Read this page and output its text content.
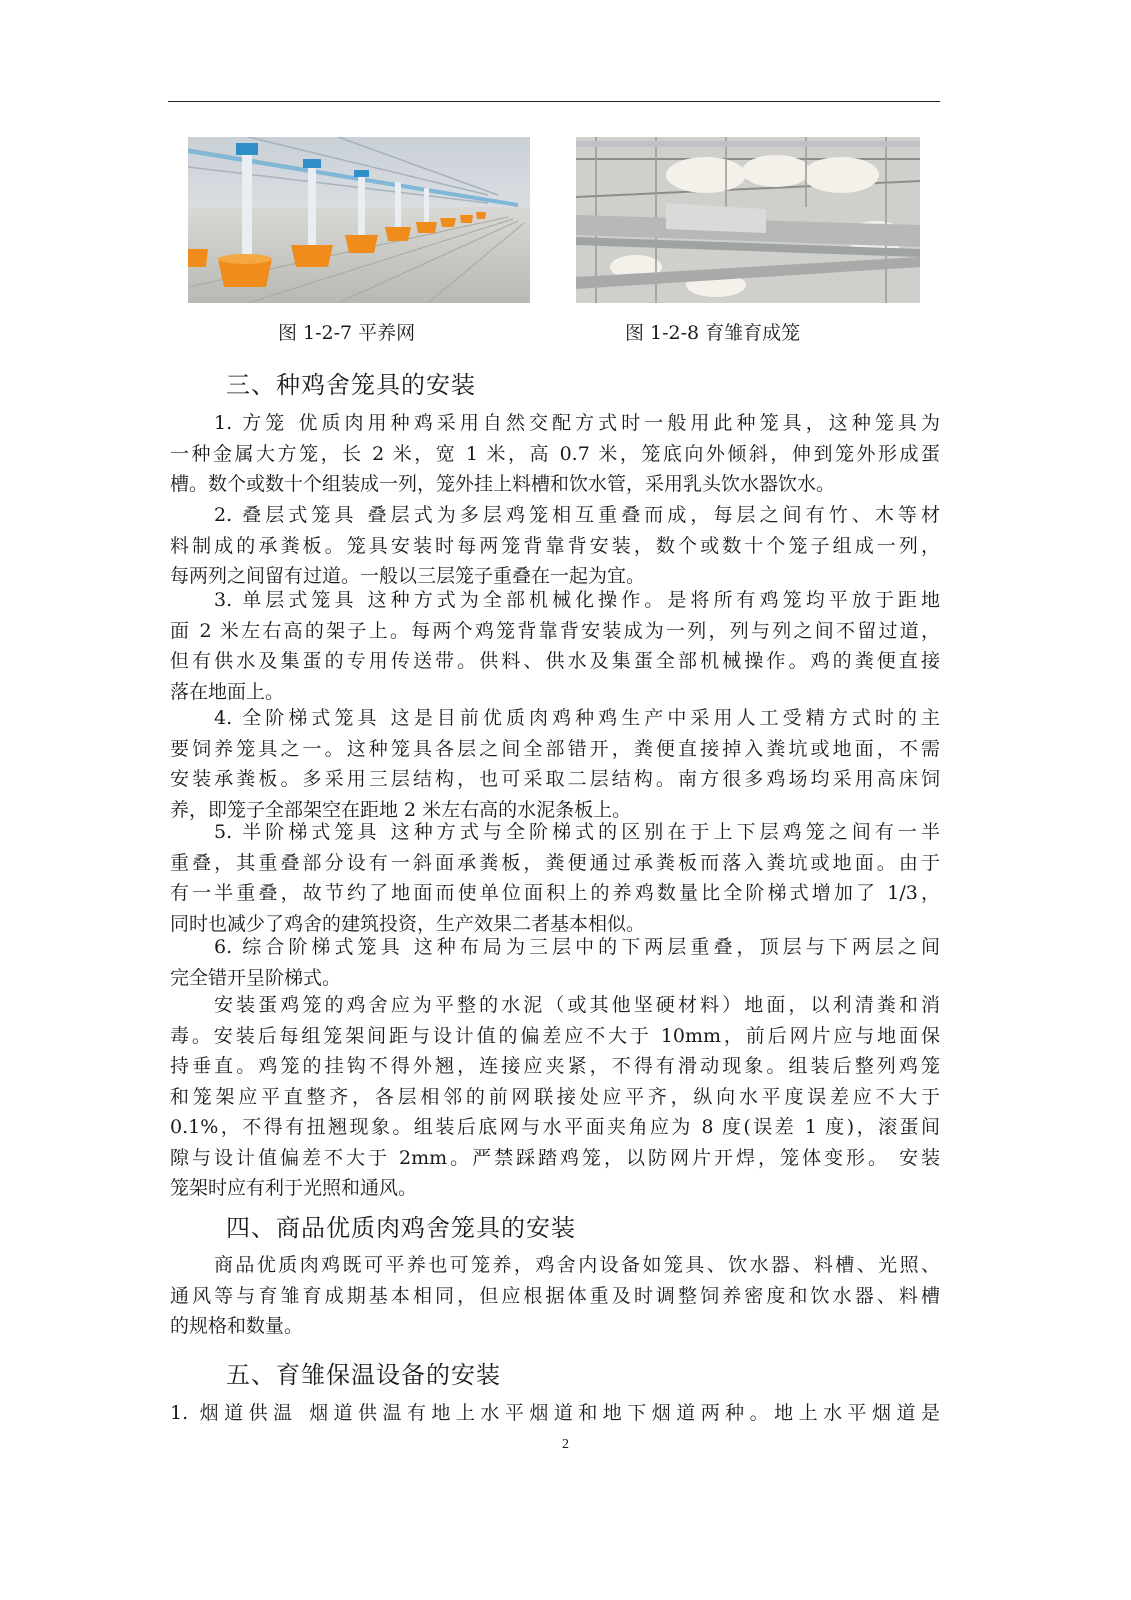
图 1-2-7 平养网	图 1-2-8 育雏育成笼
三、种鸡舍笼具的安装
1. 方笼 优质肉用种鸡采用自然交配方式时一般用此种笼具，这种笼具为
一种金属大方笼，长 2 米，宽 1 米，高 0.7 米，笼底向外倾斜，伸到笼外形成蛋
槽。数个或数十个组装成一列，笼外挂上料槽和饮水管，采用乳头饮水器饮水。
2. 叠层式笼具 叠层式为多层鸡笼相互重叠而成，每层之间有竹、木等材
料制成的承粪板。笼具安装时每两笼背靠背安装，数个或数十个笼子组成一列，
每两列之间留有过道。一般以三层笼子重叠在一起为宜。
3. 单层式笼具 这种方式为全部机械化操作。是将所有鸡笼均平放于距地
面 2 米左右高的架子上。每两个鸡笼背靠背安装成为一列，列与列之间不留过道，
但有供水及集蛋的专用传送带。供料、供水及集蛋全部机械操作。鸡的粪便直接
落在地面上。
4. 全阶梯式笼具 这是目前优质肉鸡种鸡生产中采用人工受精方式时的主
要饲养笼具之一。这种笼具各层之间全部错开，粪便直接掉入粪坑或地面，不需
安装承粪板。多采用三层结构，也可采取二层结构。南方很多鸡场均采用高床饲
养，即笼子全部架空在距地 2 米左右高的水泥条板上。
5. 半阶梯式笼具 这种方式与全阶梯式的区别在于上下层鸡笼之间有一半
重叠，其重叠部分设有一斜面承粪板，粪便通过承粪板而落入粪坑或地面。由于
有一半重叠，故节约了地面而使单位面积上的养鸡数量比全阶梯式增加了 1/3，
同时也减少了鸡舍的建筑投资，生产效果二者基本相似。
6. 综合阶梯式笼具 这种布局为三层中的下两层重叠，顶层与下两层之间
完全错开呈阶梯式。
安装蛋鸡笼的鸡舍应为平整的水泥（或其他坚硬材料）地面，以利清粪和消
毒。安装后每组笼架间距与设计值的偏差应不大于 10mm，前后网片应与地面保
持垂直。鸡笼的挂钩不得外翘，连接应夹紧，不得有滑动现象。组装后整列鸡笼
和笼架应平直整齐，各层相邻的前网联接处应平齐，纵向水平度误差应不大于
0.1%，不得有扭翘现象。组装后底网与水平面夹角应为 8 度(误差 1 度)，滚蛋间
隙与设计值偏差不大于 2mm。严禁踩踏鸡笼，以防网片开焊，笼体变形。 安装
笼架时应有利于光照和通风。
四、商品优质肉鸡舍笼具的安装
商品优质肉鸡既可平养也可笼养，鸡舍内设备如笼具、饮水器、料槽、光照、
通风等与育雏育成期基本相同，但应根据体重及时调整饲养密度和饮水器、料槽
的规格和数量。
五、育雏保温设备的安装
1. 烟道供温 烟道供温有地上水平烟道和地下烟道两种。地上水平烟道是
2
